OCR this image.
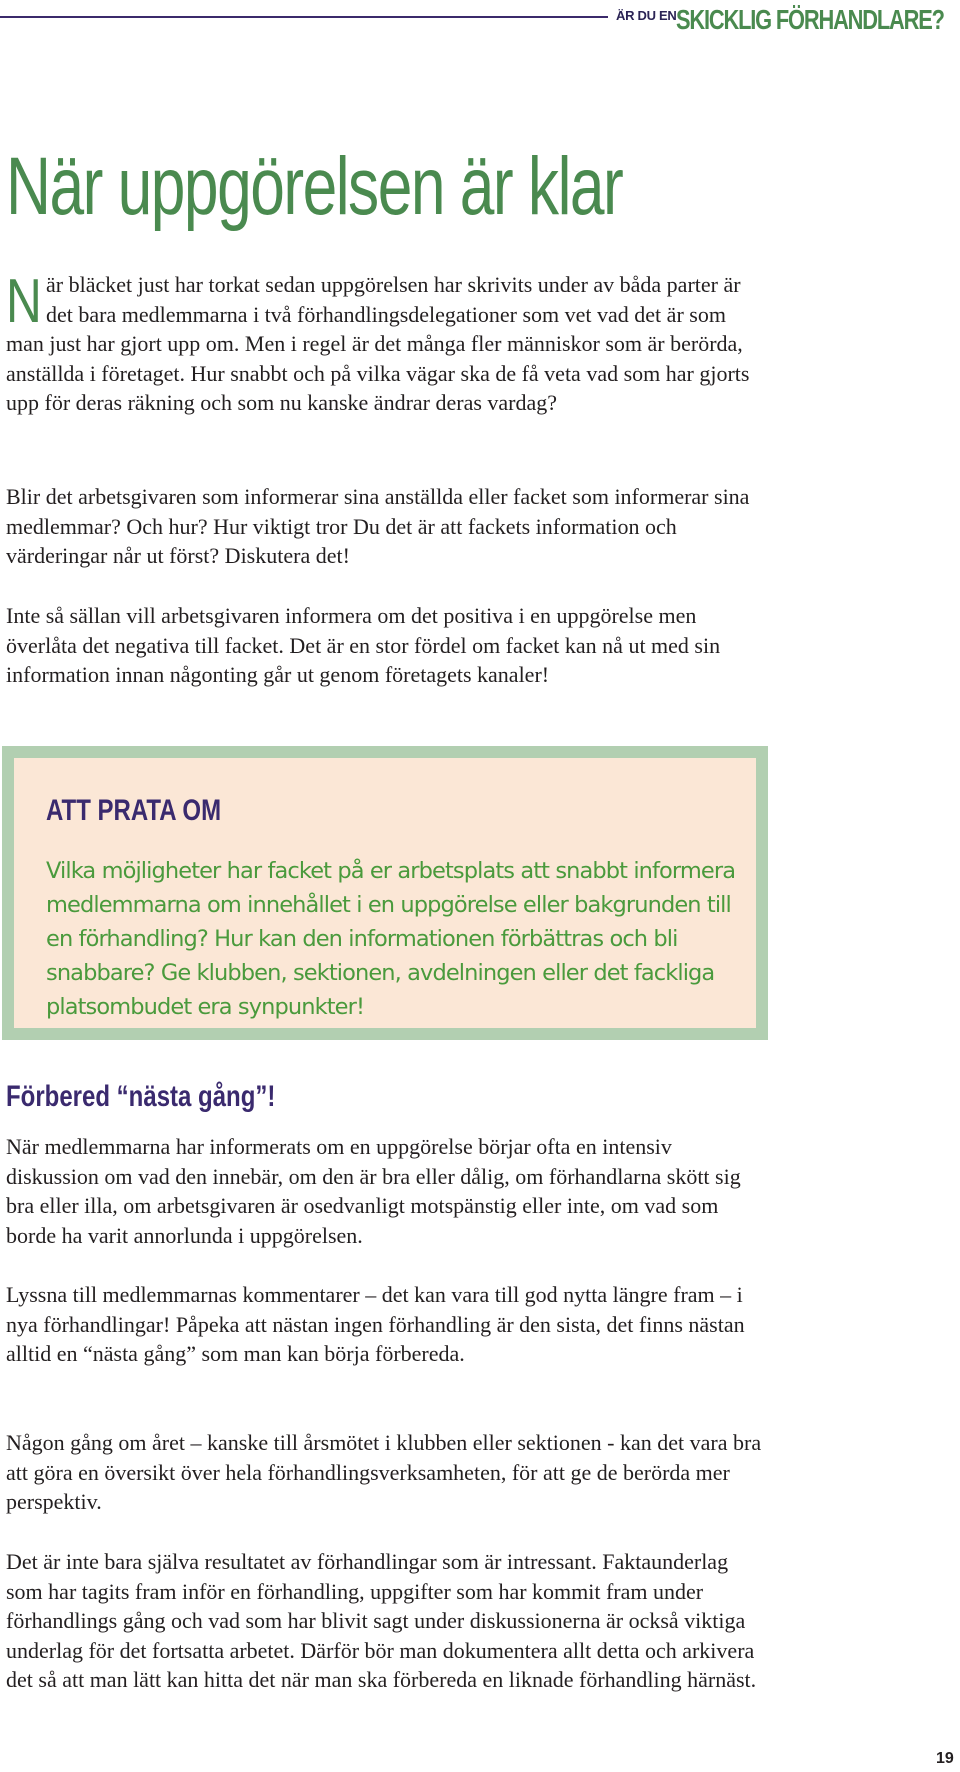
ÄR DU EN SKICKLIG FÖRHANDLARE?
När uppgörelsen är klar
N är bläcket just har torkat sedan uppgörelsen har skrivits under av båda parter är det bara medlemmarna i två förhandlingsdelegationer som vet vad det är som man just har gjort upp om. Men i regel är det många fler människor som är berörda, anställda i företaget. Hur snabbt och på vilka vägar ska de få veta vad som har gjorts upp för deras räkning och som nu kanske ändrar deras vardag?

Blir det arbetsgivaren som informerar sina anställda eller facket som informerar sina medlemmar? Och hur? Hur viktigt tror Du det är att fackets information och värderingar når ut först? Diskutera det!

Inte så sällan vill arbetsgivaren informera om det positiva i en uppgörelse men överlåta det negativa till facket. Det är en stor fördel om facket kan nå ut med sin information innan någonting går ut genom företagets kanaler!

ATT PRATA OM

Vilka möjligheter har facket på er arbetsplats att snabbt informera medlemmarna om innehållet i en uppgörelse eller bakgrunden till en förhandling? Hur kan den informationen förbättras och bli snabbare? Ge klubben, sektionen, avdelningen eller det fackliga platsombudet era synpunkter!

Förbered “nästa gång”!

När medlemmarna har informerats om en uppgörelse börjar ofta en intensiv diskussion om vad den innebär, om den är bra eller dålig, om förhandlarna skött sig bra eller illa, om arbetsgivaren är osedvanligt motspänstig eller inte, om vad som borde ha varit annorlunda i uppgörelsen.

Lyssna till medlemmarnas kommentarer – det kan vara till god nytta längre fram – i nya förhandlingar! Påpeka att nästan ingen förhandling är den sista, det finns nästan alltid en “nästa gång” som man kan börja förbereda.

Någon gång om året – kanske till årsmötet i klubben eller sektionen - kan det vara bra att göra en översikt över hela förhandlingsverksamheten, för att ge de berörda mer perspektiv.

Det är inte bara själva resultatet av förhandlingar som är intressant. Faktaunderlag som har tagits fram inför en förhandling, uppgifter som har kommit fram under förhandlings gång och vad som har blivit sagt under diskussionerna är också viktiga underlag för det fortsatta arbetet. Därför bör man dokumentera allt detta och arkivera det så att man lätt kan hitta det när man ska förbereda en liknade förhandling härnäst.

19
